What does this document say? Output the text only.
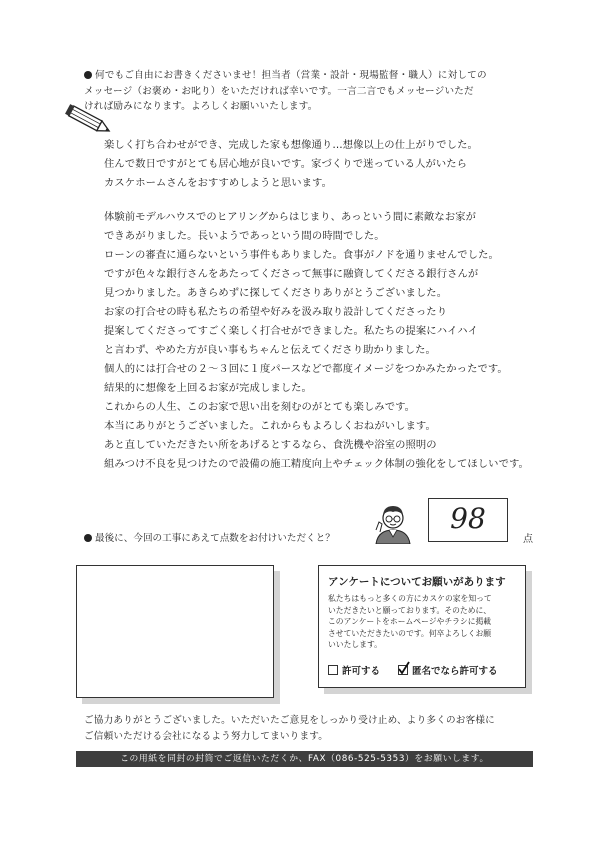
何でもご自由にお書きくださいませ！担当者（営業・設計・現場監督・職人）に対しての
メッセージ（お褒め・お叱り）をいただければ幸いです。一言二言でもメッセージいただ
ければ励みになります。よろしくお願いいたします。
楽しく打ち合わせができ、完成した家も想像通り…想像以上の仕上がりでした。
住んで数日ですがとても居心地が良いです。家づくりで迷っている人がいたら
カスケホームさんをおすすめしようと思います。
体験前モデルハウスでのヒアリングからはじまり、あっという間に素敵なお家が
できあがりました。長いようであっという間の時間でした。
ローンの審査に通らないという事件もありました。食事がノドを通りませんでした。
ですが色々な銀行さんをあたってくださって無事に融資してくださる銀行さんが
見つかりました。あきらめずに探してくださりありがとうございました。
お家の打合せの時も私たちの希望や好みを汲み取り設計してくださったり
提案してくださってすごく楽しく打合せができました。私たちの提案にハイハイ
と言わず、やめた方が良い事もちゃんと伝えてくださり助かりました。
個人的には打合せの２〜３回に１度パースなどで都度イメージをつかみたかったです。
結果的に想像を上回るお家が完成しました。
これからの人生、このお家で思い出を刻むのがとても楽しみです。
本当にありがとうございました。これからもよろしくおねがいします。
あと直していただきたい所をあげるとするなら、食洗機や浴室の照明の
組みつけ不良を見つけたので設備の施工精度向上やチェック体制の強化をしてほしいです。
最後に、今回の工事にあえて点数をお付けいただくと？
98
点
アンケートについてお願いがあります
私たちはもっと多くの方にカスケの家を知って
いただきたいと願っております。そのために、
このアンケートをホームページやチラシに掲載
させていただきたいのです。何卒よろしくお願
いいたします。
許可する	匿名でなら許可する
ご協力ありがとうございました。いただいたご意見をしっかり受け止め、より多くのお客様に
ご信頼いただける会社になるよう努力してまいります。
この用紙を同封の封筒でご返信いただくか、FAX（086-525-5353）をお願いします。
